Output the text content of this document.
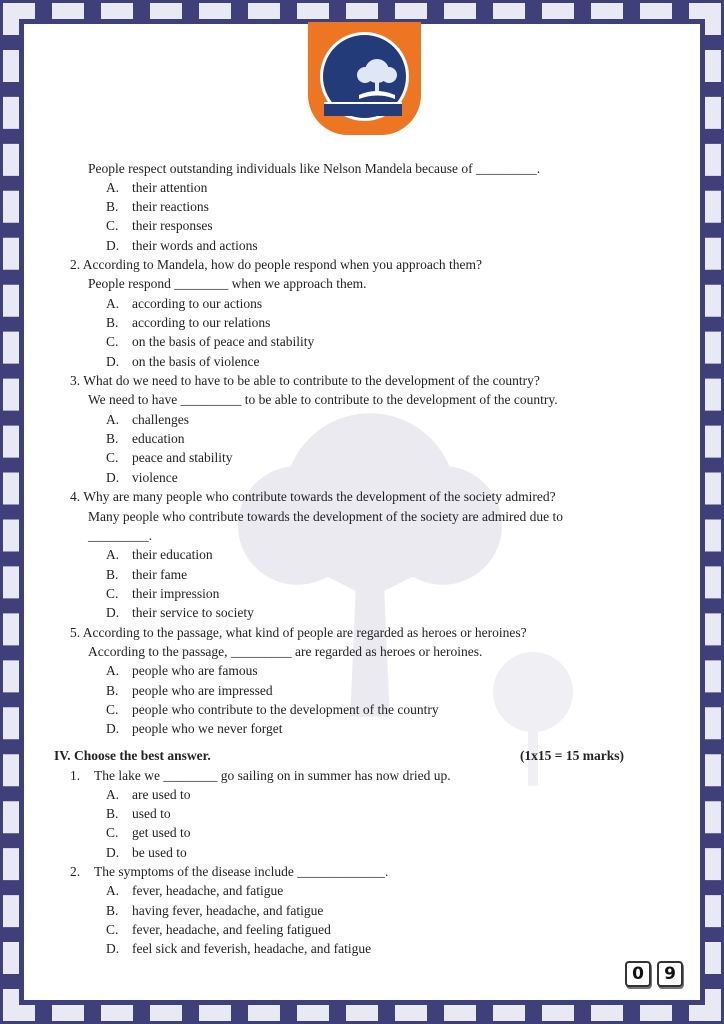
People respect outstanding individuals like Nelson Mandela because of _________.
A. their attention
B.	their reactions
C.	their responses
D. their words and actions
2. According to Mandela, how do people respond when you approach them?
People respond ________ when we approach them.
A. according to our actions
B.	according to our relations
C.	on the basis of peace and stability
D. on the basis of violence
3. What do we need to have to be able to contribute to the development of the country?
We need to have _________ to be able to contribute to the development of the country.
A. challenges
B.	education
C.	peace and stability
D. violence
4. Why are many people who contribute towards the development of the society admired?
Many people who contribute towards the development of the society are admired due to
_________.
A. their education
B.	their fame
C.	their impression
D. their service to society
5. According to the passage, what kind of people are regarded as heroes or heroines?
According to the passage, _________ are regarded as heroes or heroines.
A. people who are famous
B.	people who are impressed
C.	people who contribute to the development of the country
D. people who we never forget
IV. Choose the best answer.	(1x15 = 15 marks)
1. The lake we ________ go sailing on in summer has now dried up.
A. are used to
B.	used to
C.	get used to
D. be used to
2. The symptoms of the disease include _____________.
A. fever, headache, and fatigue
B.	having fever, headache, and fatigue
C.	fever, headache, and feeling fatigued
D. feel sick and feverish, headache, and fatigue
0 9
